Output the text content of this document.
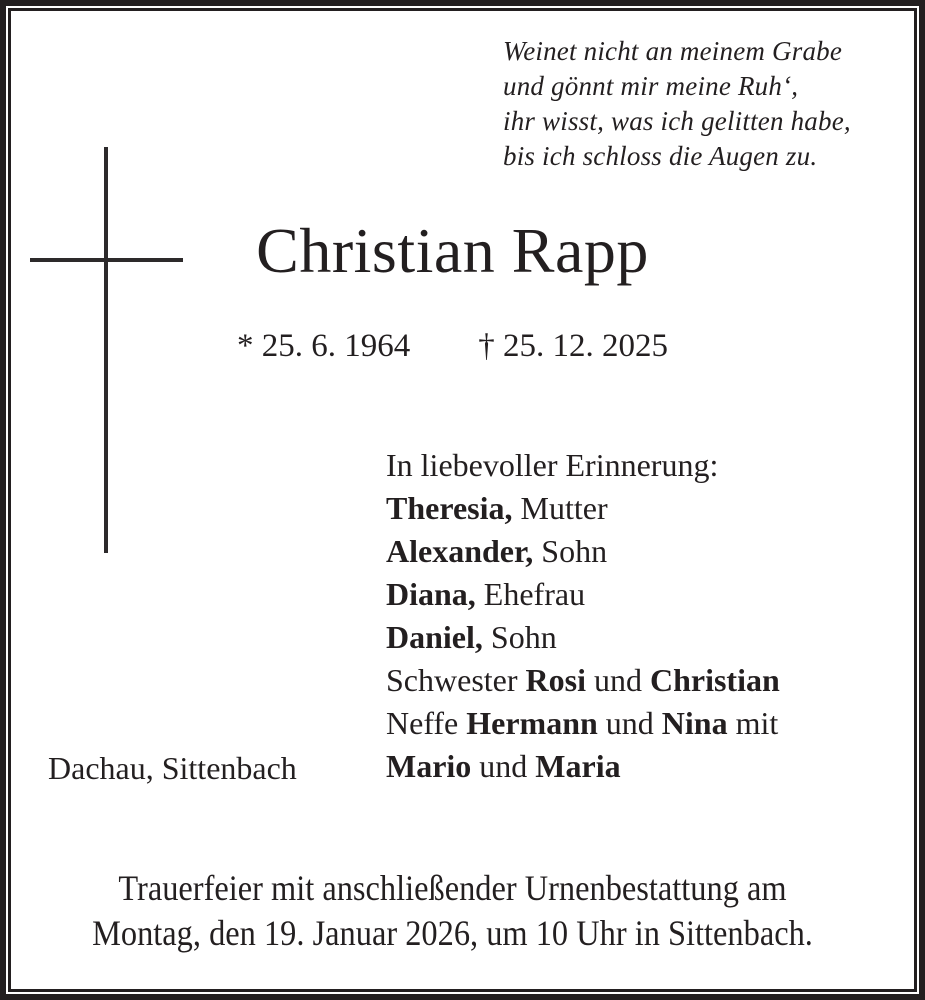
Weinet nicht an meinem Grabe
und gönnt mir meine Ruh‘,
ihr wisst, was ich gelitten habe,
bis ich schloss die Augen zu.
Christian Rapp
* 25. 6. 1964 † 25. 12. 2025
In liebevoller Erinnerung:
Theresia, Mutter
Alexander, Sohn
Diana, Ehefrau
Daniel, Sohn
Schwester Rosi und Christian
Neffe Hermann und Nina mit
Mario und Maria
Dachau, Sittenbach
Trauerfeier mit anschließender Urnenbestattung am
Montag, den 19. Januar 2026, um 10 Uhr in Sittenbach.
